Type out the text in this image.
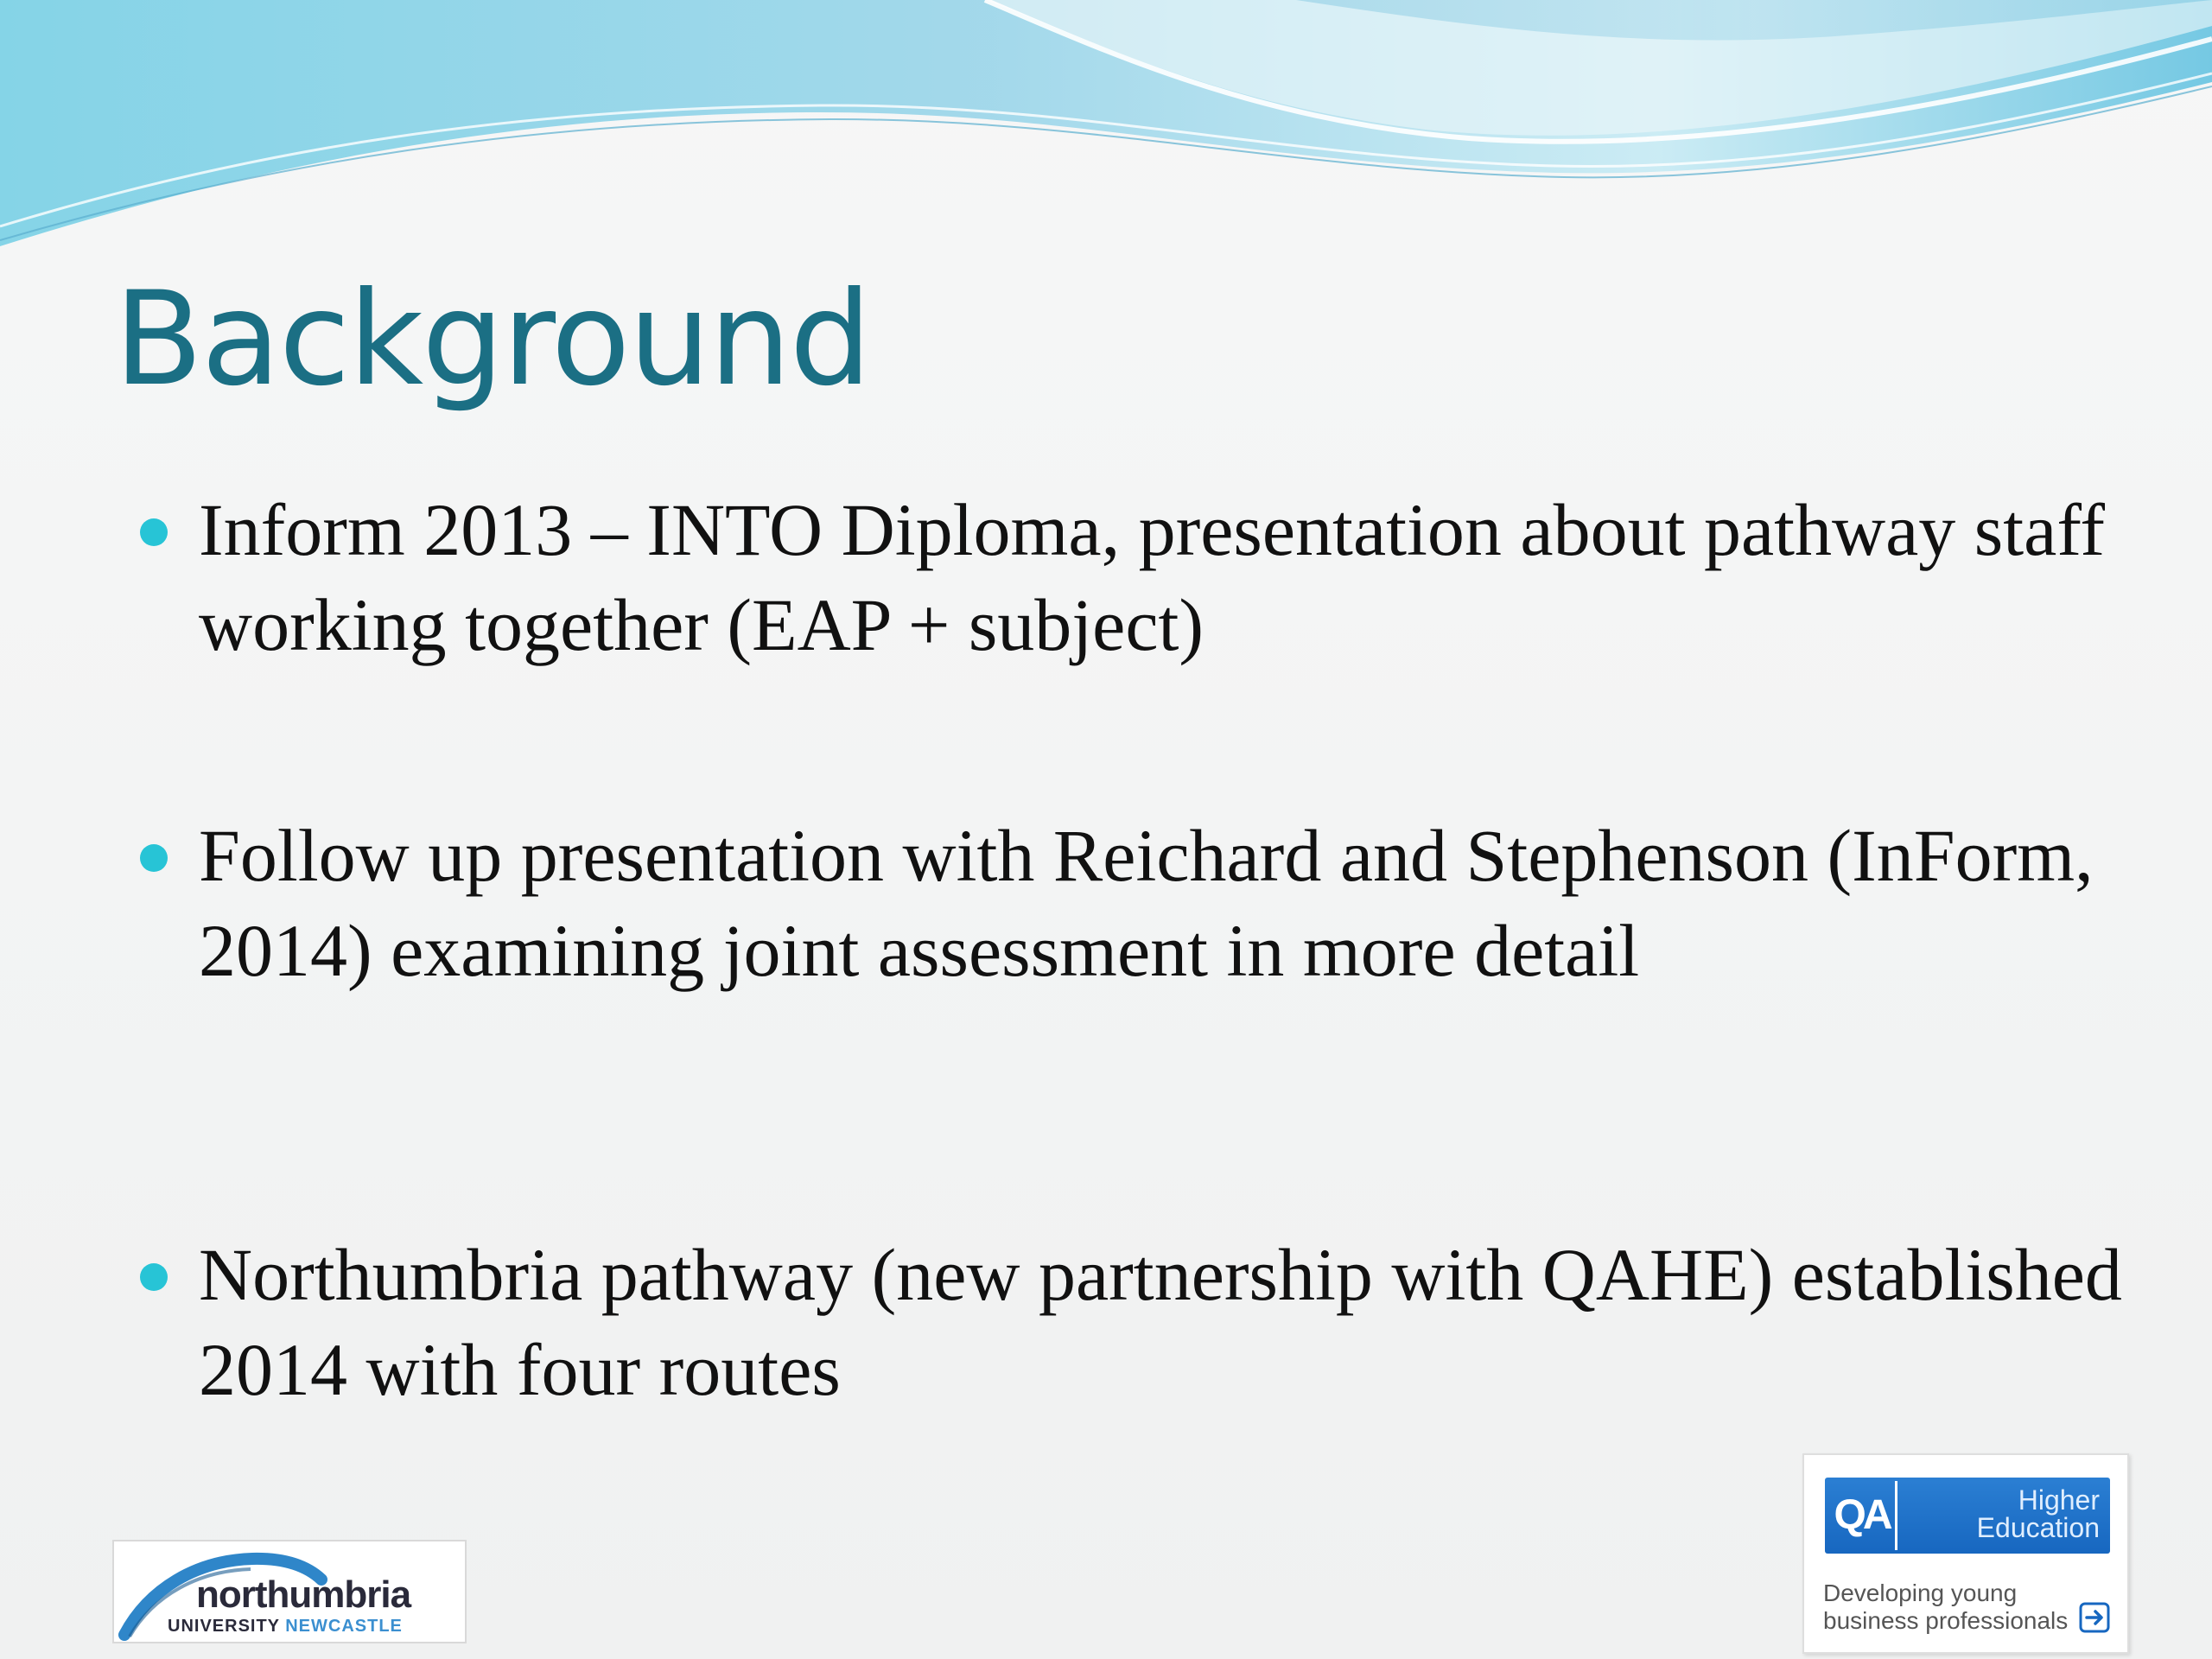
Background
Inform 2013 – INTO Diploma, presentation about pathway staff working together (EAP + subject)
Follow up presentation with Reichard and Stephenson (InForm, 2014) examining joint assessment in more detail
Northumbria pathway (new partnership with QAHE) established 2014 with four routes
northumbria
UNIVERSITY NEWCASTLE
QA	Higher
Education
Developing young
business professionals
